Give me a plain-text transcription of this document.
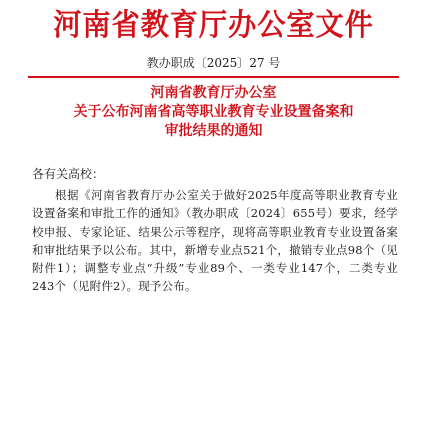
河南省教育厅办公室文件
教办职成〔2025〕27 号
河南省教育厅办公室
关于公布河南省高等职业教育专业设置备案和
审批结果的通知
各有关高校：

根据《河南省教育厅办公室关于做好2025年度高等职业教育专业设置备案和审批工作的通知》（教办职成〔2024〕655号）要求，经学校申报、专家论证、结果公示等程序，现将高等职业教育专业设置备案和审批结果予以公布。其中，新增专业点521个，撤销专业点98个（见附件1）；调整专业点“升级”专业89个、一类专业147个，二类专业243个（见附件2）。现予公布。
